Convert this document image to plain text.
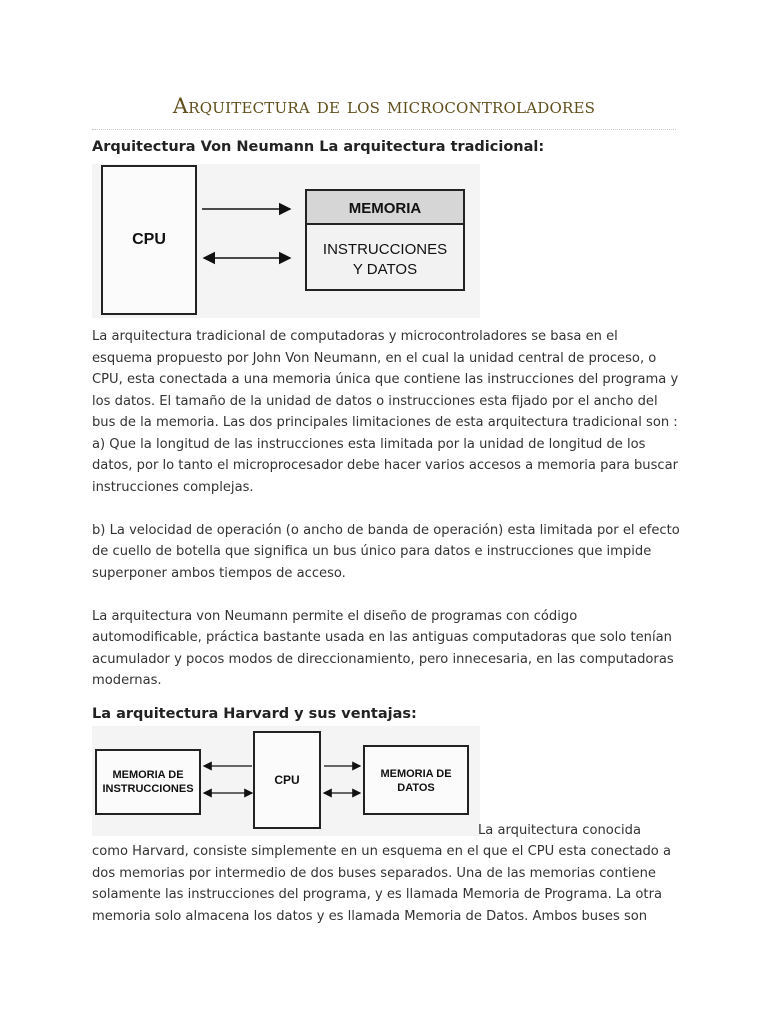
Arquitectura de los microcontroladores
Arquitectura Von Neumann La arquitectura tradicional:
CPU
MEMORIA
INSTRUCCIONES
Y DATOS

La arquitectura tradicional de computadoras y microcontroladores se basa en el esquema propuesto por John Von Neumann, en el cual la unidad central de proceso, o CPU, esta conectada a una memoria única que contiene las instrucciones del programa y los datos. El tamaño de la unidad de datos o instrucciones esta fijado por el ancho del bus de la memoria. Las dos principales limitaciones de esta arquitectura tradicional son :

a) Que la longitud de las instrucciones esta limitada por la unidad de longitud de los datos, por lo tanto el microprocesador debe hacer varios accesos a memoria para buscar instrucciones complejas.

b) La velocidad de operación (o ancho de banda de operación) esta limitada por el efecto de cuello de botella que significa un bus único para datos e instrucciones que impide superponer ambos tiempos de acceso.

La arquitectura von Neumann permite el diseño de programas con código automodificable, práctica bastante usada en las antiguas computadoras que solo tenían acumulador y pocos modos de direccionamiento, pero innecesaria, en las computadoras modernas.

La arquitectura Harvard y sus ventajas:
MEMORIA DE
INSTRUCCIONES
CPU	MEMORIA DE
DATOS
La arquitectura conocida
como Harvard, consiste simplemente en un esquema en el que el CPU esta conectado a dos memorias por intermedio de dos buses separados. Una de las memorias contiene solamente las instrucciones del programa, y es llamada Memoria de Programa. La otra memoria solo almacena los datos y es llamada Memoria de Datos. Ambos buses son
